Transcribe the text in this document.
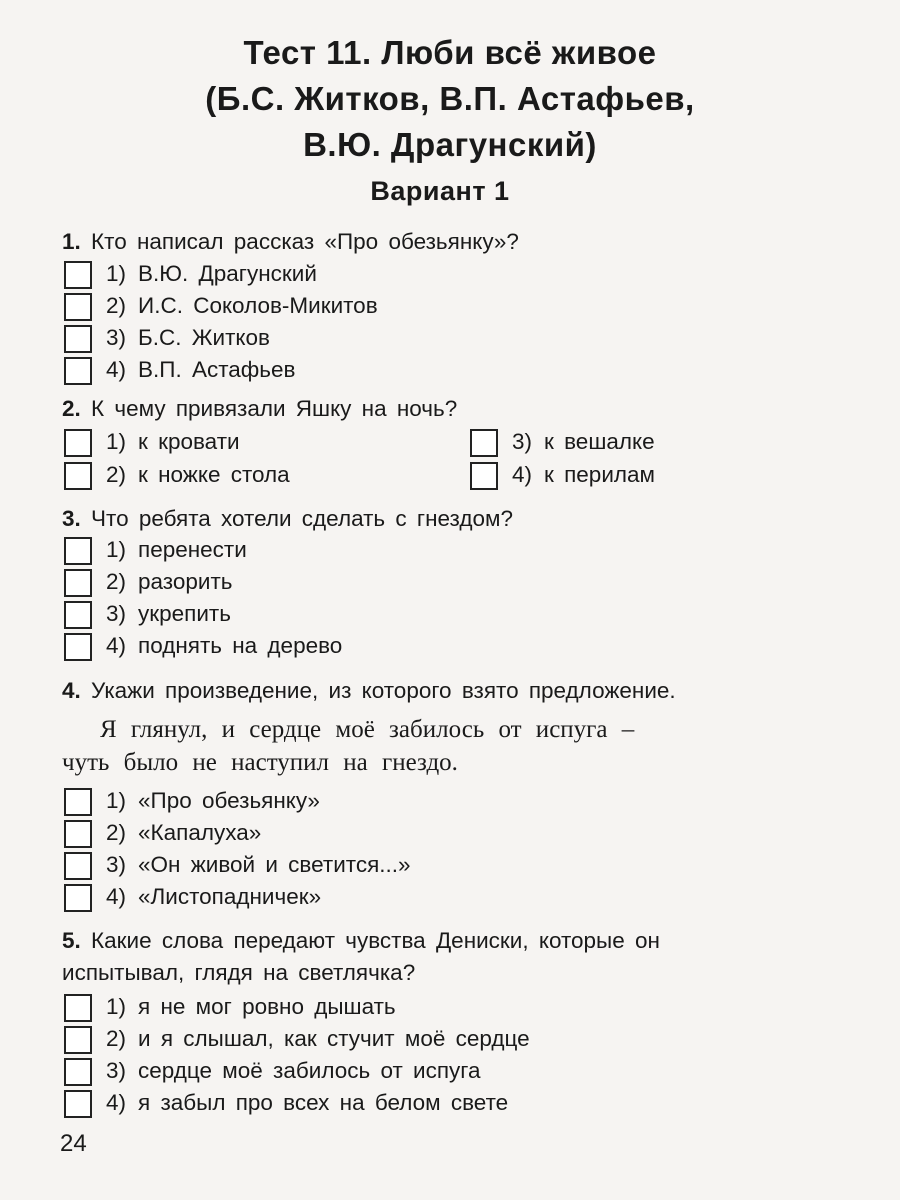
Тест 11. Люби всё живое
(Б.С. Житков, В.П. Астафьев,
В.Ю. Драгунский)
Вариант 1
1. Кто написал рассказ «Про обезьянку»?
1) В.Ю. Драгунский
2) И.С. Соколов-Микитов
3) Б.С. Житков
4) В.П. Астафьев
2. К чему привязали Яшку на ночь?
1) к кровати
2) к ножке стола
3) к вешалке
4) к перилам
3. Что ребята хотели сделать с гнездом?
1) перенести
2) разорить
3) укрепить
4) поднять на дерево
4. Укажи произведение, из которого взято предложение.
Я глянул, и сердце моё забилось от испуга –
чуть было не наступил на гнездо.
1) «Про обезьянку»
2) «Капалуха»
3) «Он живой и светится...»
4) «Листопадничек»
5. Какие слова передают чувства Дениски, которые он
испытывал, глядя на светлячка?
1) я не мог ровно дышать
2) и я слышал, как стучит моё сердце
3) сердце моё забилось от испуга
4) я забыл про всех на белом свете
24
